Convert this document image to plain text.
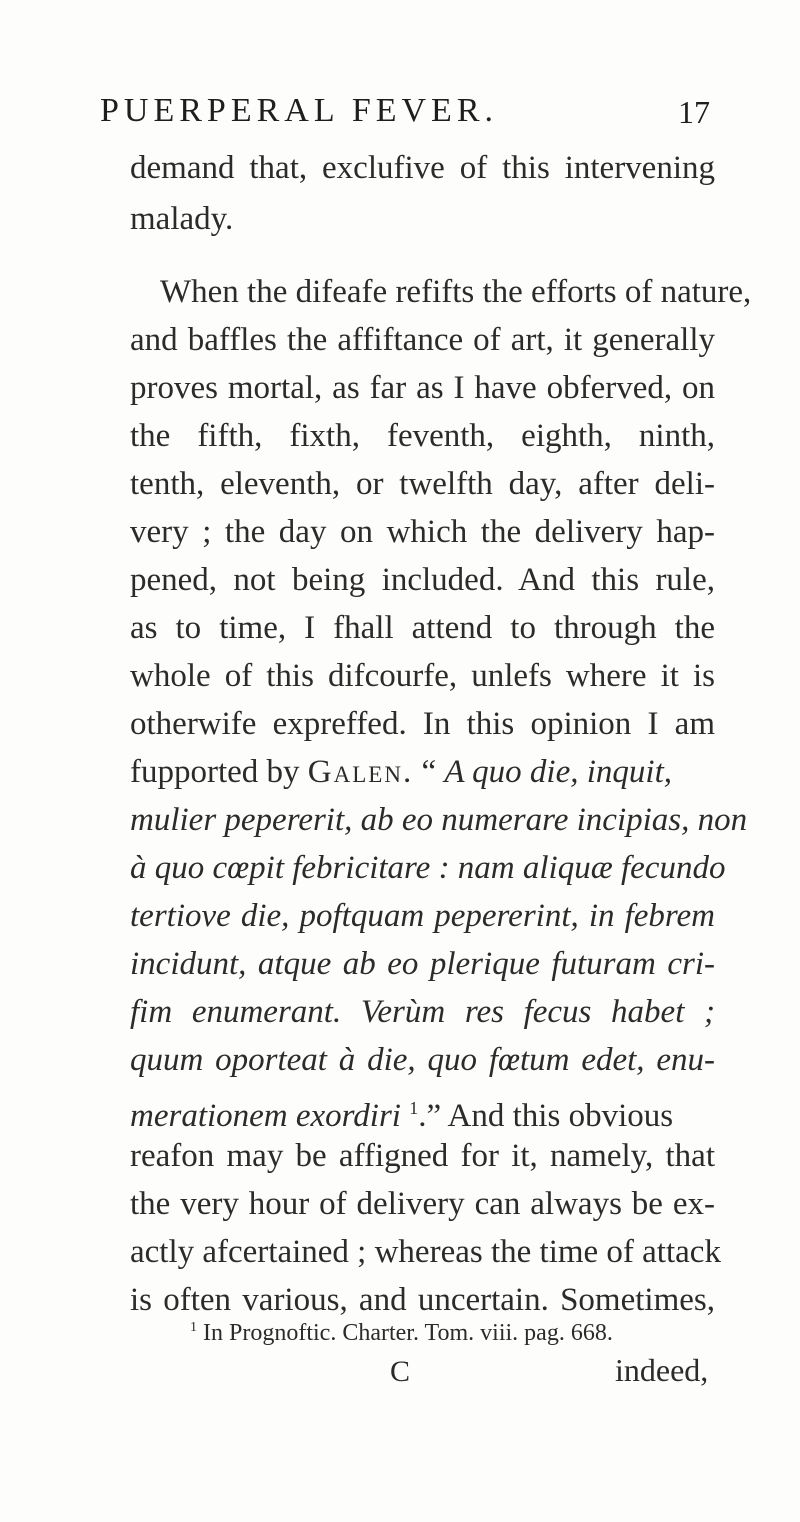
PUERPERAL FEVER.	17
demand that, exclufive of this intervening
malady.
When the difeafe refifts the efforts of nature,
and baffles the affiftance of art, it generally
proves mortal, as far as I have obferved, on
the fifth, fixth, feventh, eighth, ninth,
tenth, eleventh, or twelfth day, after deli-
very ; the day on which the delivery hap-
pened, not being included. And this rule,
as to time, I fhall attend to through the
whole of this difcourfe, unlefs where it is
otherwife expreffed. In this opinion I am
fupported by Galen. “ A quo die, inquit,
mulier pepererit, ab eo numerare incipias, non
à quo cœpit febricitare : nam aliquæ fecundo
tertiove die, poftquam pepererint, in febrem
incidunt, atque ab eo plerique futuram cri-
fim enumerant. Verùm res fecus habet ;
quum oporteat à die, quo fœtum edet, enu-
merationem exordiri $^1$.” And this obvious
reafon may be affigned for it, namely, that
the very hour of delivery can always be ex-
actly afcertained ; whereas the time of attack
is often various, and uncertain. Sometimes,
$^1$ In Prognoftic. Charter. Tom. viii. pag. 668.
C	indeed,
